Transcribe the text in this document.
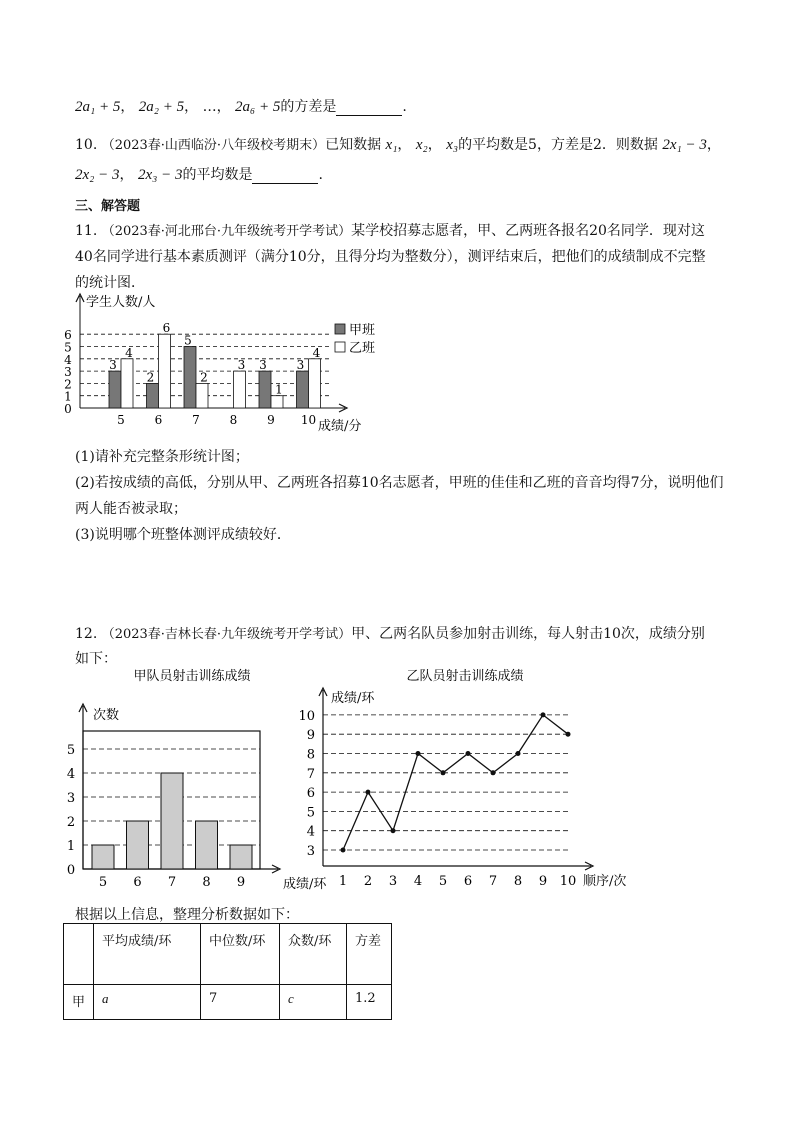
2a₁ + 5， 2a₂ + 5， …， 2a₆ + 5的方差是	.
10. （2023春·山西临汾·八年级校考期末）已知数据 x₁， x₂， x₃的平均数是5，方差是2．则数据 2x₁ − 3，
2x₂ − 3， 2x₃ − 3的平均数是	.
三、解答题
11. （2023春·河北邢台·九年级统考开学考试）某学校招募志愿者，甲、乙两班各报名20名同学．现对这
40名同学进行基本素质测评（满分10分，且得分均为整数分），测评结束后，把他们的成绩制成不完整
的统计图．
0
1
2
3
4
5
6
3
4
5
2
6
6
5
2
7
3
8
3
1
9
3
4
10
学生人数/人
成绩/分
甲班
乙班
(1)请补充完整条形统计图；
(2)若按成绩的高低，分别从甲、乙两班各招募10名志愿者，甲班的佳佳和乙班的音音均得7分，说明他们
两人能否被录取；
(3)说明哪个班整体测评成绩较好．
12. （2023春·吉林长春·九年级统考开学考试）甲、乙两名队员参加射击训练，每人射击10次，成绩分别
如下：
甲队员射击训练成绩
0
1
2
3
4
5
5 6 7 8 9
次数
成绩/环
乙队员射击训练成绩
3
4
5
6
7
8
9
10
1 2 3 4 5 6 7 8 9 10
成绩/环
顺序/次
根据以上信息，整理分析数据如下：
	平均成绩/环	中位数/环	众数/环	方差
甲	a	7	c	1.2
